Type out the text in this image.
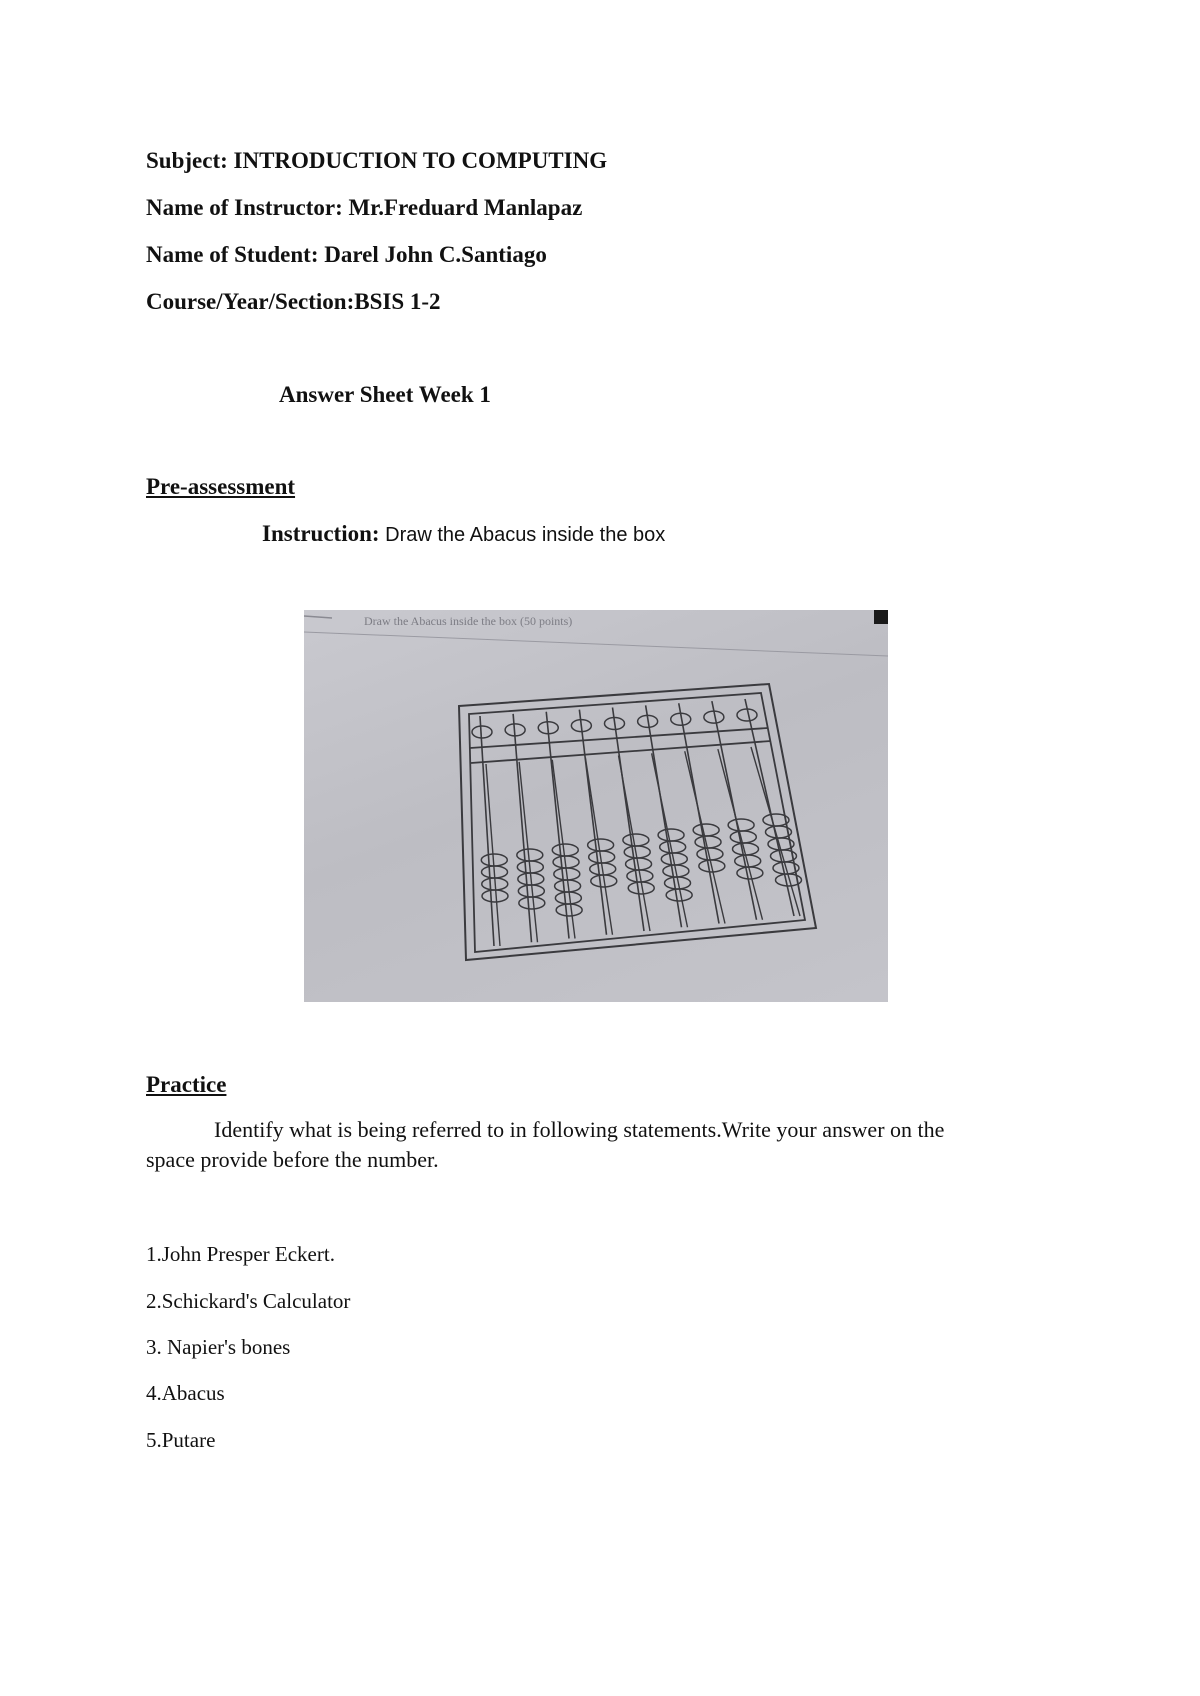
Subject: INTRODUCTION TO COMPUTING

Name of Instructor: Mr.Freduard Manlapaz

Name of Student: Darel John C.Santiago

Course/Year/Section:BSIS 1-2

Answer Sheet Week 1

Pre-assessment

Instruction: Draw the Abacus inside the box

Draw the Abacus inside the box (50 points)

Practice

Identify what is being referred to in following statements.Write your answer on the

space provide before the number.

1.John Presper Eckert.

2.Schickard's Calculator

3. Napier's bones

4.Abacus

5.Putare
